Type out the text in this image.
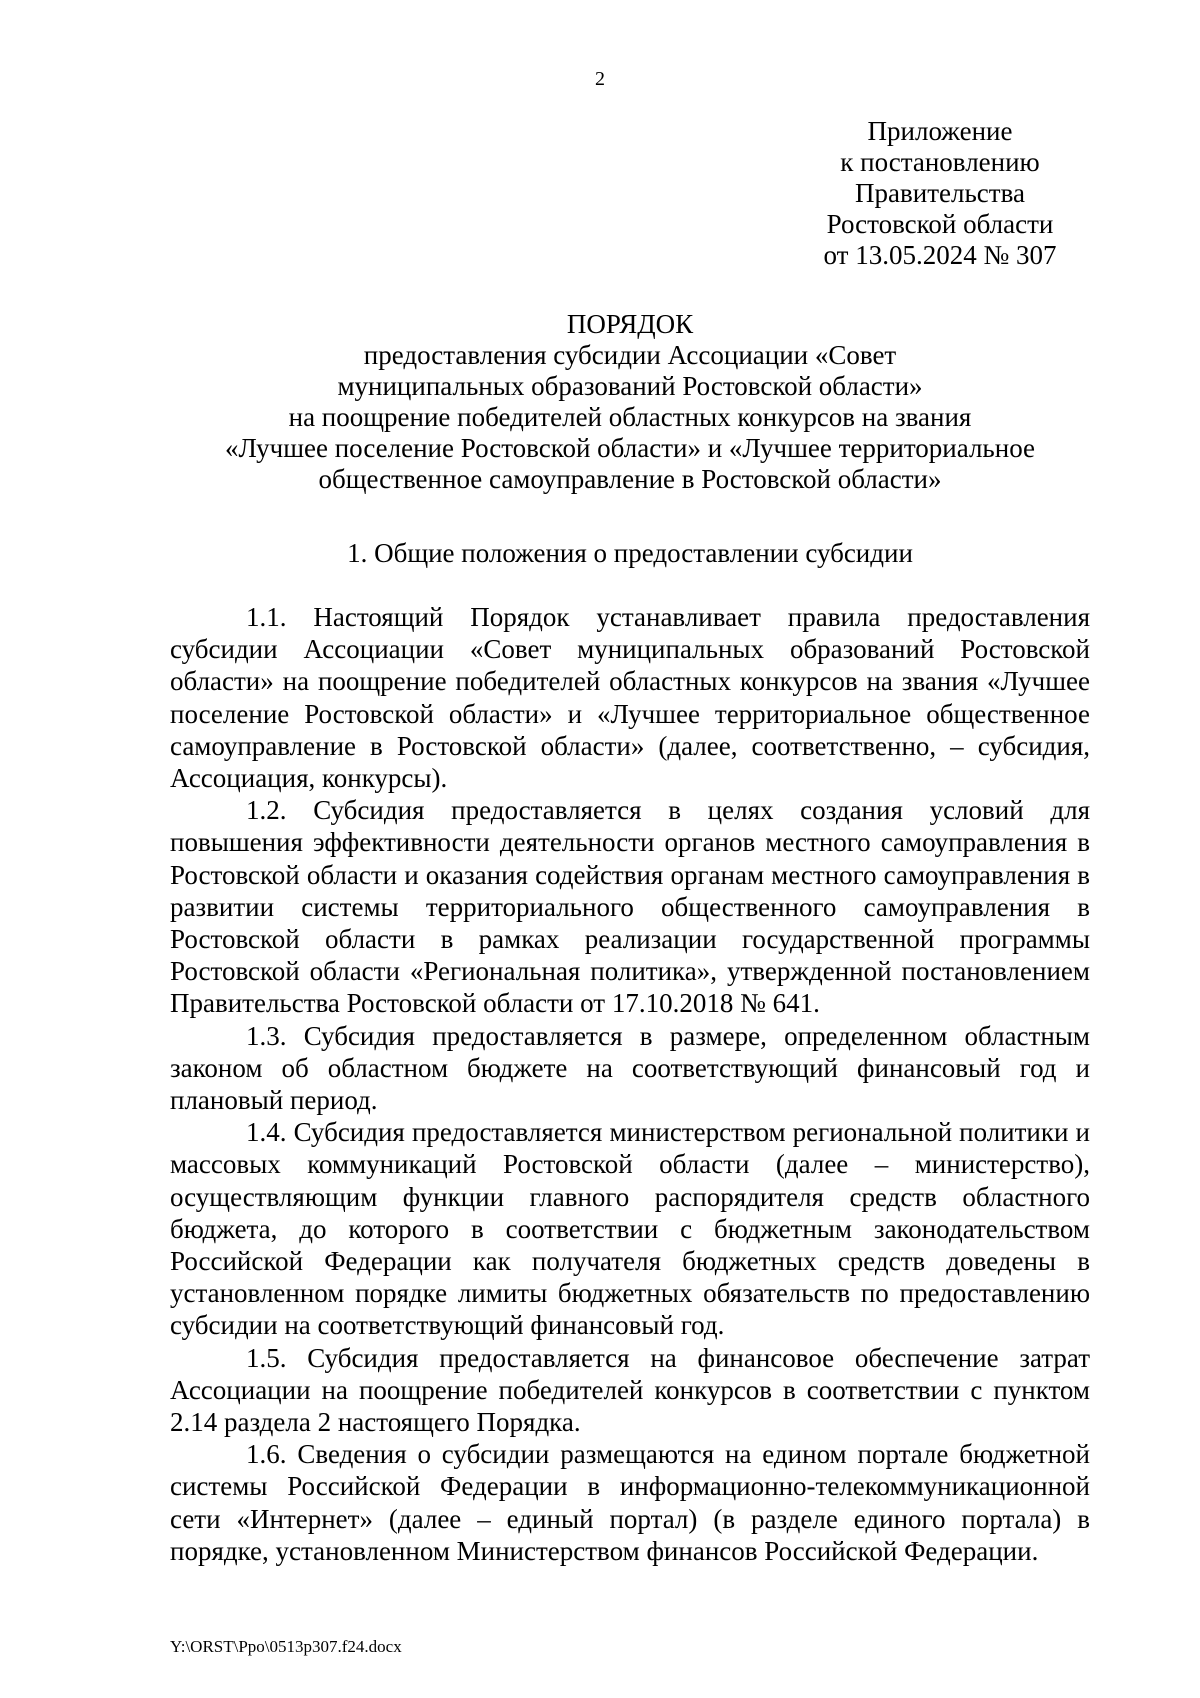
2
Приложение
к постановлению
Правительства
Ростовской области
от 13.05.2024 № 307
ПОРЯДОК
предоставления субсидии Ассоциации «Совет
муниципальных образований Ростовской области»
на поощрение победителей областных конкурсов на звания
«Лучшее поселение Ростовской области» и «Лучшее территориальное
общественное самоуправление в Ростовской области»
1. Общие положения о предоставлении субсидии

1.1. Настоящий Порядок устанавливает правила предоставления субсидии Ассоциации «Совет муниципальных образований Ростовской области» на поощрение победителей областных конкурсов на звания «Лучшее поселение Ростовской области» и «Лучшее территориальное общественное самоуправление в Ростовской области» (далее, соответственно, – субсидия, Ассоциация, конкурсы).

1.2. Субсидия предоставляется в целях создания условий для повышения эффективности деятельности органов местного самоуправления в Ростовской области и оказания содействия органам местного самоуправления в развитии системы территориального общественного самоуправления в Ростовской области в рамках реализации государственной программы Ростовской области «Региональная политика», утвержденной постановлением Правительства Ростовской области от 17.10.2018 № 641.

1.3. Субсидия предоставляется в размере, определенном областным законом об областном бюджете на соответствующий финансовый год и плановый период.

1.4. Субсидия предоставляется министерством региональной политики и массовых коммуникаций Ростовской области (далее – министерство), осуществляющим функции главного распорядителя средств областного бюджета, до которого в соответствии с бюджетным законодательством Российской Федерации как получателя бюджетных средств доведены в установленном порядке лимиты бюджетных обязательств по предоставлению субсидии на соответствующий финансовый год.

1.5. Субсидия предоставляется на финансовое обеспечение затрат Ассоциации на поощрение победителей конкурсов в соответствии с пунктом 2.14 раздела 2 настоящего Порядка.

1.6. Сведения о субсидии размещаются на едином портале бюджетной системы Российской Федерации в информационно-телекоммуникационной сети «Интернет» (далее – единый портал) (в разделе единого портала) в порядке, установленном Министерством финансов Российской Федерации.

Y:\ORST\Ppo\0513p307.f24.docx
